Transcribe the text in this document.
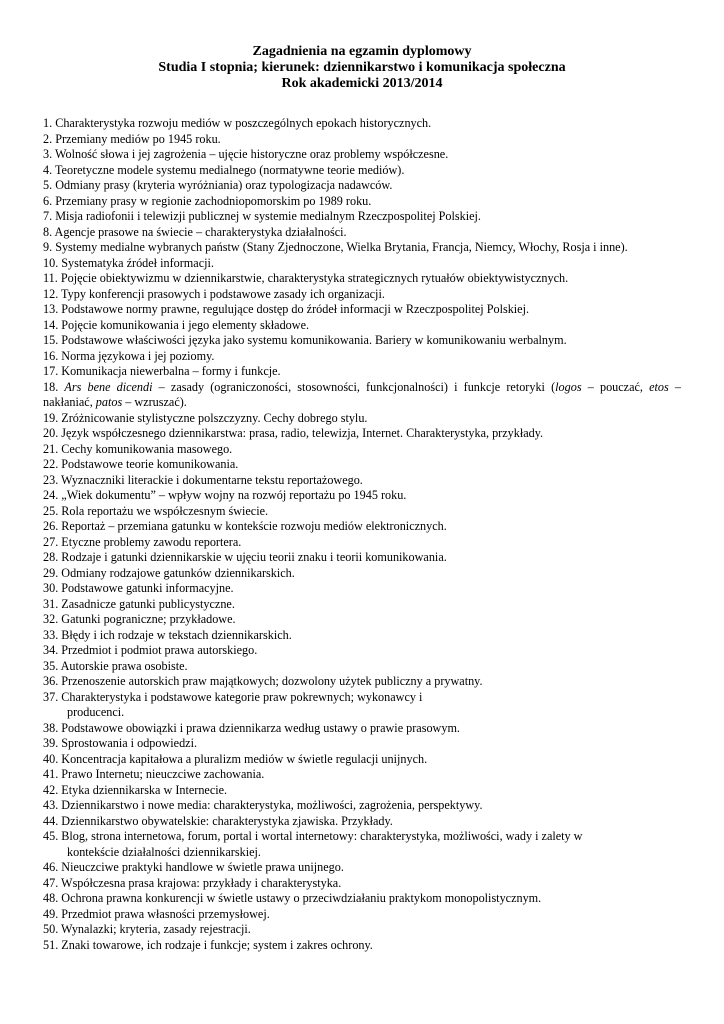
Zagadnienia na egzamin dyplomowy
Studia I stopnia; kierunek: dziennikarstwo i komunikacja społeczna
Rok akademicki 2013/2014
1. Charakterystyka rozwoju mediów w poszczególnych epokach historycznych.
2. Przemiany mediów po 1945 roku.
3. Wolność słowa i jej zagrożenia – ujęcie historyczne oraz problemy współczesne.
4. Teoretyczne modele systemu medialnego (normatywne teorie mediów).
5. Odmiany prasy (kryteria wyróżniania) oraz typologizacja nadawców.
6. Przemiany prasy w regionie zachodniopomorskim po 1989 roku.
7. Misja radiofonii i telewizji publicznej w systemie medialnym Rzeczpospolitej Polskiej.
8. Agencje prasowe na świecie – charakterystyka działalności.
9. Systemy medialne wybranych państw (Stany Zjednoczone, Wielka Brytania, Francja, Niemcy, Włochy, Rosja i inne).
10. Systematyka źródeł informacji.
11. Pojęcie obiektywizmu w dziennikarstwie, charakterystyka strategicznych rytuałów obiektywistycznych.
12. Typy konferencji prasowych i podstawowe zasady ich organizacji.
13. Podstawowe normy prawne, regulujące dostęp do źródeł informacji w Rzeczpospolitej Polskiej.
14. Pojęcie komunikowania i jego elementy składowe.
15. Podstawowe właściwości języka jako systemu komunikowania. Bariery w komunikowaniu werbalnym.
16. Norma językowa i jej poziomy.
17. Komunikacja niewerbalna – formy i funkcje.
18. Ars bene dicendi – zasady (ograniczoności, stosowności, funkcjonalności) i funkcje retoryki (logos – pouczać, etos – nakłaniać, patos – wzruszać).
19. Zróżnicowanie stylistyczne polszczyzny. Cechy dobrego stylu.
20. Język współczesnego dziennikarstwa: prasa, radio, telewizja, Internet. Charakterystyka, przykłady.
21. Cechy komunikowania masowego.
22. Podstawowe teorie komunikowania.
23. Wyznaczniki literackie i dokumentarne tekstu reportażowego.
24. „Wiek dokumentu” – wpływ wojny na rozwój reportażu po 1945 roku.
25. Rola reportażu we współczesnym świecie.
26. Reportaż – przemiana gatunku w kontekście rozwoju mediów elektronicznych.
27. Etyczne problemy zawodu reportera.
28. Rodzaje i gatunki dziennikarskie w ujęciu teorii znaku i teorii komunikowania.
29. Odmiany rodzajowe gatunków dziennikarskich.
30. Podstawowe gatunki informacyjne.
31. Zasadnicze gatunki publicystyczne.
32. Gatunki pograniczne; przykładowe.
33. Błędy i ich rodzaje w tekstach dziennikarskich.
34. Przedmiot i podmiot prawa autorskiego.
35. Autorskie prawa osobiste.
36. Przenoszenie autorskich praw majątkowych; dozwolony użytek publiczny a prywatny.
37. Charakterystyka i podstawowe kategorie praw pokrewnych; wykonawcy i
producenci.
38. Podstawowe obowiązki i prawa dziennikarza według ustawy o prawie prasowym.
39. Sprostowania i odpowiedzi.
40. Koncentracja kapitałowa a pluralizm mediów w świetle regulacji unijnych.
41. Prawo Internetu; nieuczciwe zachowania.
42. Etyka dziennikarska w Internecie.
43. Dziennikarstwo i nowe media: charakterystyka, możliwości, zagrożenia, perspektywy.
44. Dziennikarstwo obywatelskie: charakterystyka zjawiska. Przykłady.
45. Blog, strona internetowa, forum, portal i wortal internetowy: charakterystyka, możliwości, wady i zalety w
kontekście działalności dziennikarskiej.
46. Nieuczciwe praktyki handlowe w świetle prawa unijnego.
47. Współczesna prasa krajowa: przykłady i charakterystyka.
48. Ochrona prawna konkurencji w świetle ustawy o przeciwdziałaniu praktykom monopolistycznym.
49. Przedmiot prawa własności przemysłowej.
50. Wynalazki; kryteria, zasady rejestracji.
51. Znaki towarowe, ich rodzaje i funkcje; system i zakres ochrony.
